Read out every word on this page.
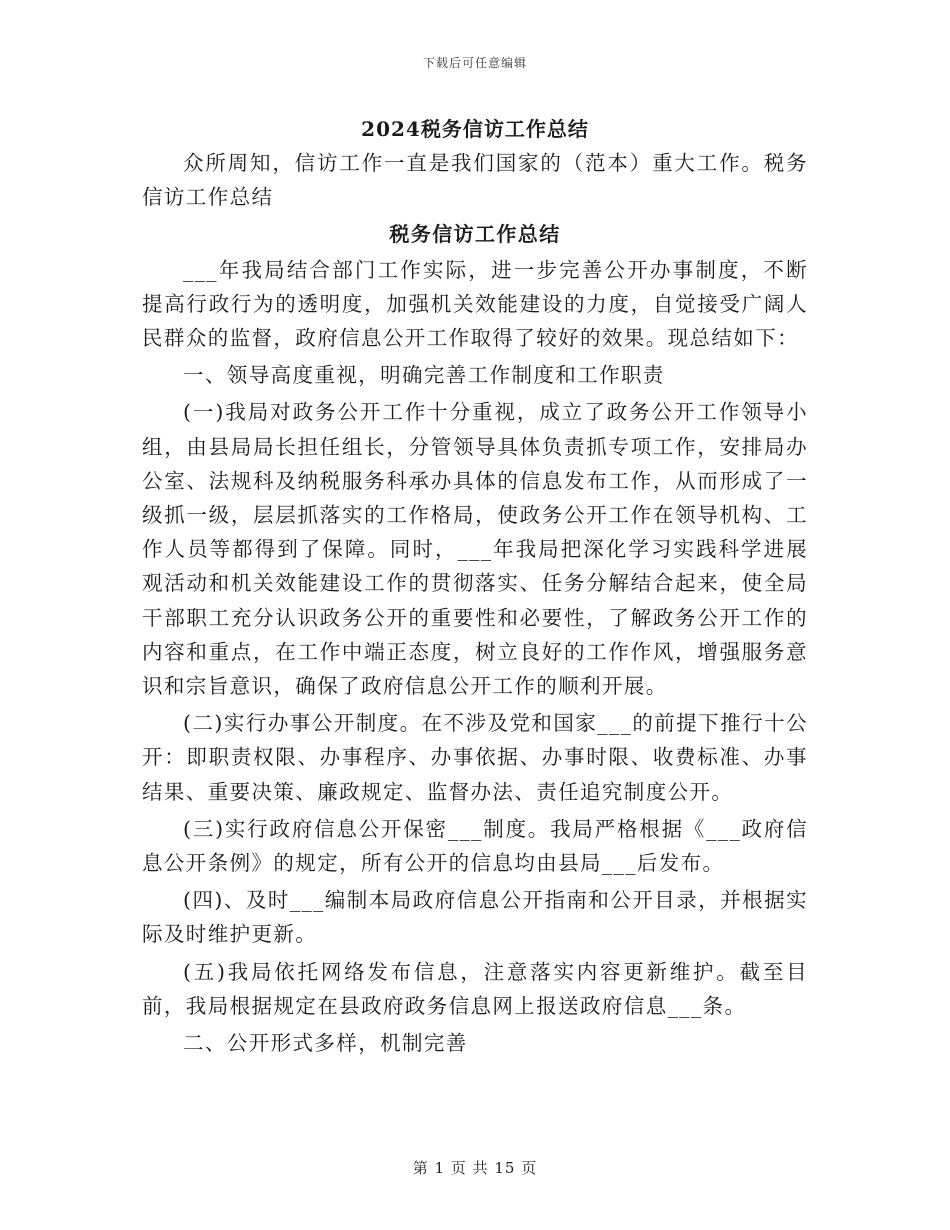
下载后可任意编辑
2024税务信访工作总结

众所周知，信访工作一直是我们国家的（范本）重大工作。税务信访工作总结

税务信访工作总结

___年我局结合部门工作实际，进一步完善公开办事制度，不断提高行政行为的透明度，加强机关效能建设的力度，自觉接受广阔人民群众的监督，政府信息公开工作取得了较好的效果。现总结如下：

一、领导高度重视，明确完善工作制度和工作职责

(一)我局对政务公开工作十分重视，成立了政务公开工作领导小组，由县局局长担任组长，分管领导具体负责抓专项工作，安排局办公室、法规科及纳税服务科承办具体的信息发布工作，从而形成了一级抓一级，层层抓落实的工作格局，使政务公开工作在领导机构、工作人员等都得到了保障。同时，___年我局把深化学习实践科学进展观活动和机关效能建设工作的贯彻落实、任务分解结合起来，使全局干部职工充分认识政务公开的重要性和必要性，了解政务公开工作的内容和重点，在工作中端正态度，树立良好的工作作风，增强服务意识和宗旨意识，确保了政府信息公开工作的顺利开展。

(二)实行办事公开制度。在不涉及党和国家___的前提下推行十公开：即职责权限、办事程序、办事依据、办事时限、收费标准、办事结果、重要决策、廉政规定、监督办法、责任追究制度公开。

(三)实行政府信息公开保密___制度。我局严格根据《___政府信息公开条例》的规定，所有公开的信息均由县局___后发布。

(四)、及时___编制本局政府信息公开指南和公开目录，并根据实际及时维护更新。

(五)我局依托网络发布信息，注意落实内容更新维护。截至目前，我局根据规定在县政府政务信息网上报送政府信息___条。

二、公开形式多样，机制完善

第 1 页 共 15 页
